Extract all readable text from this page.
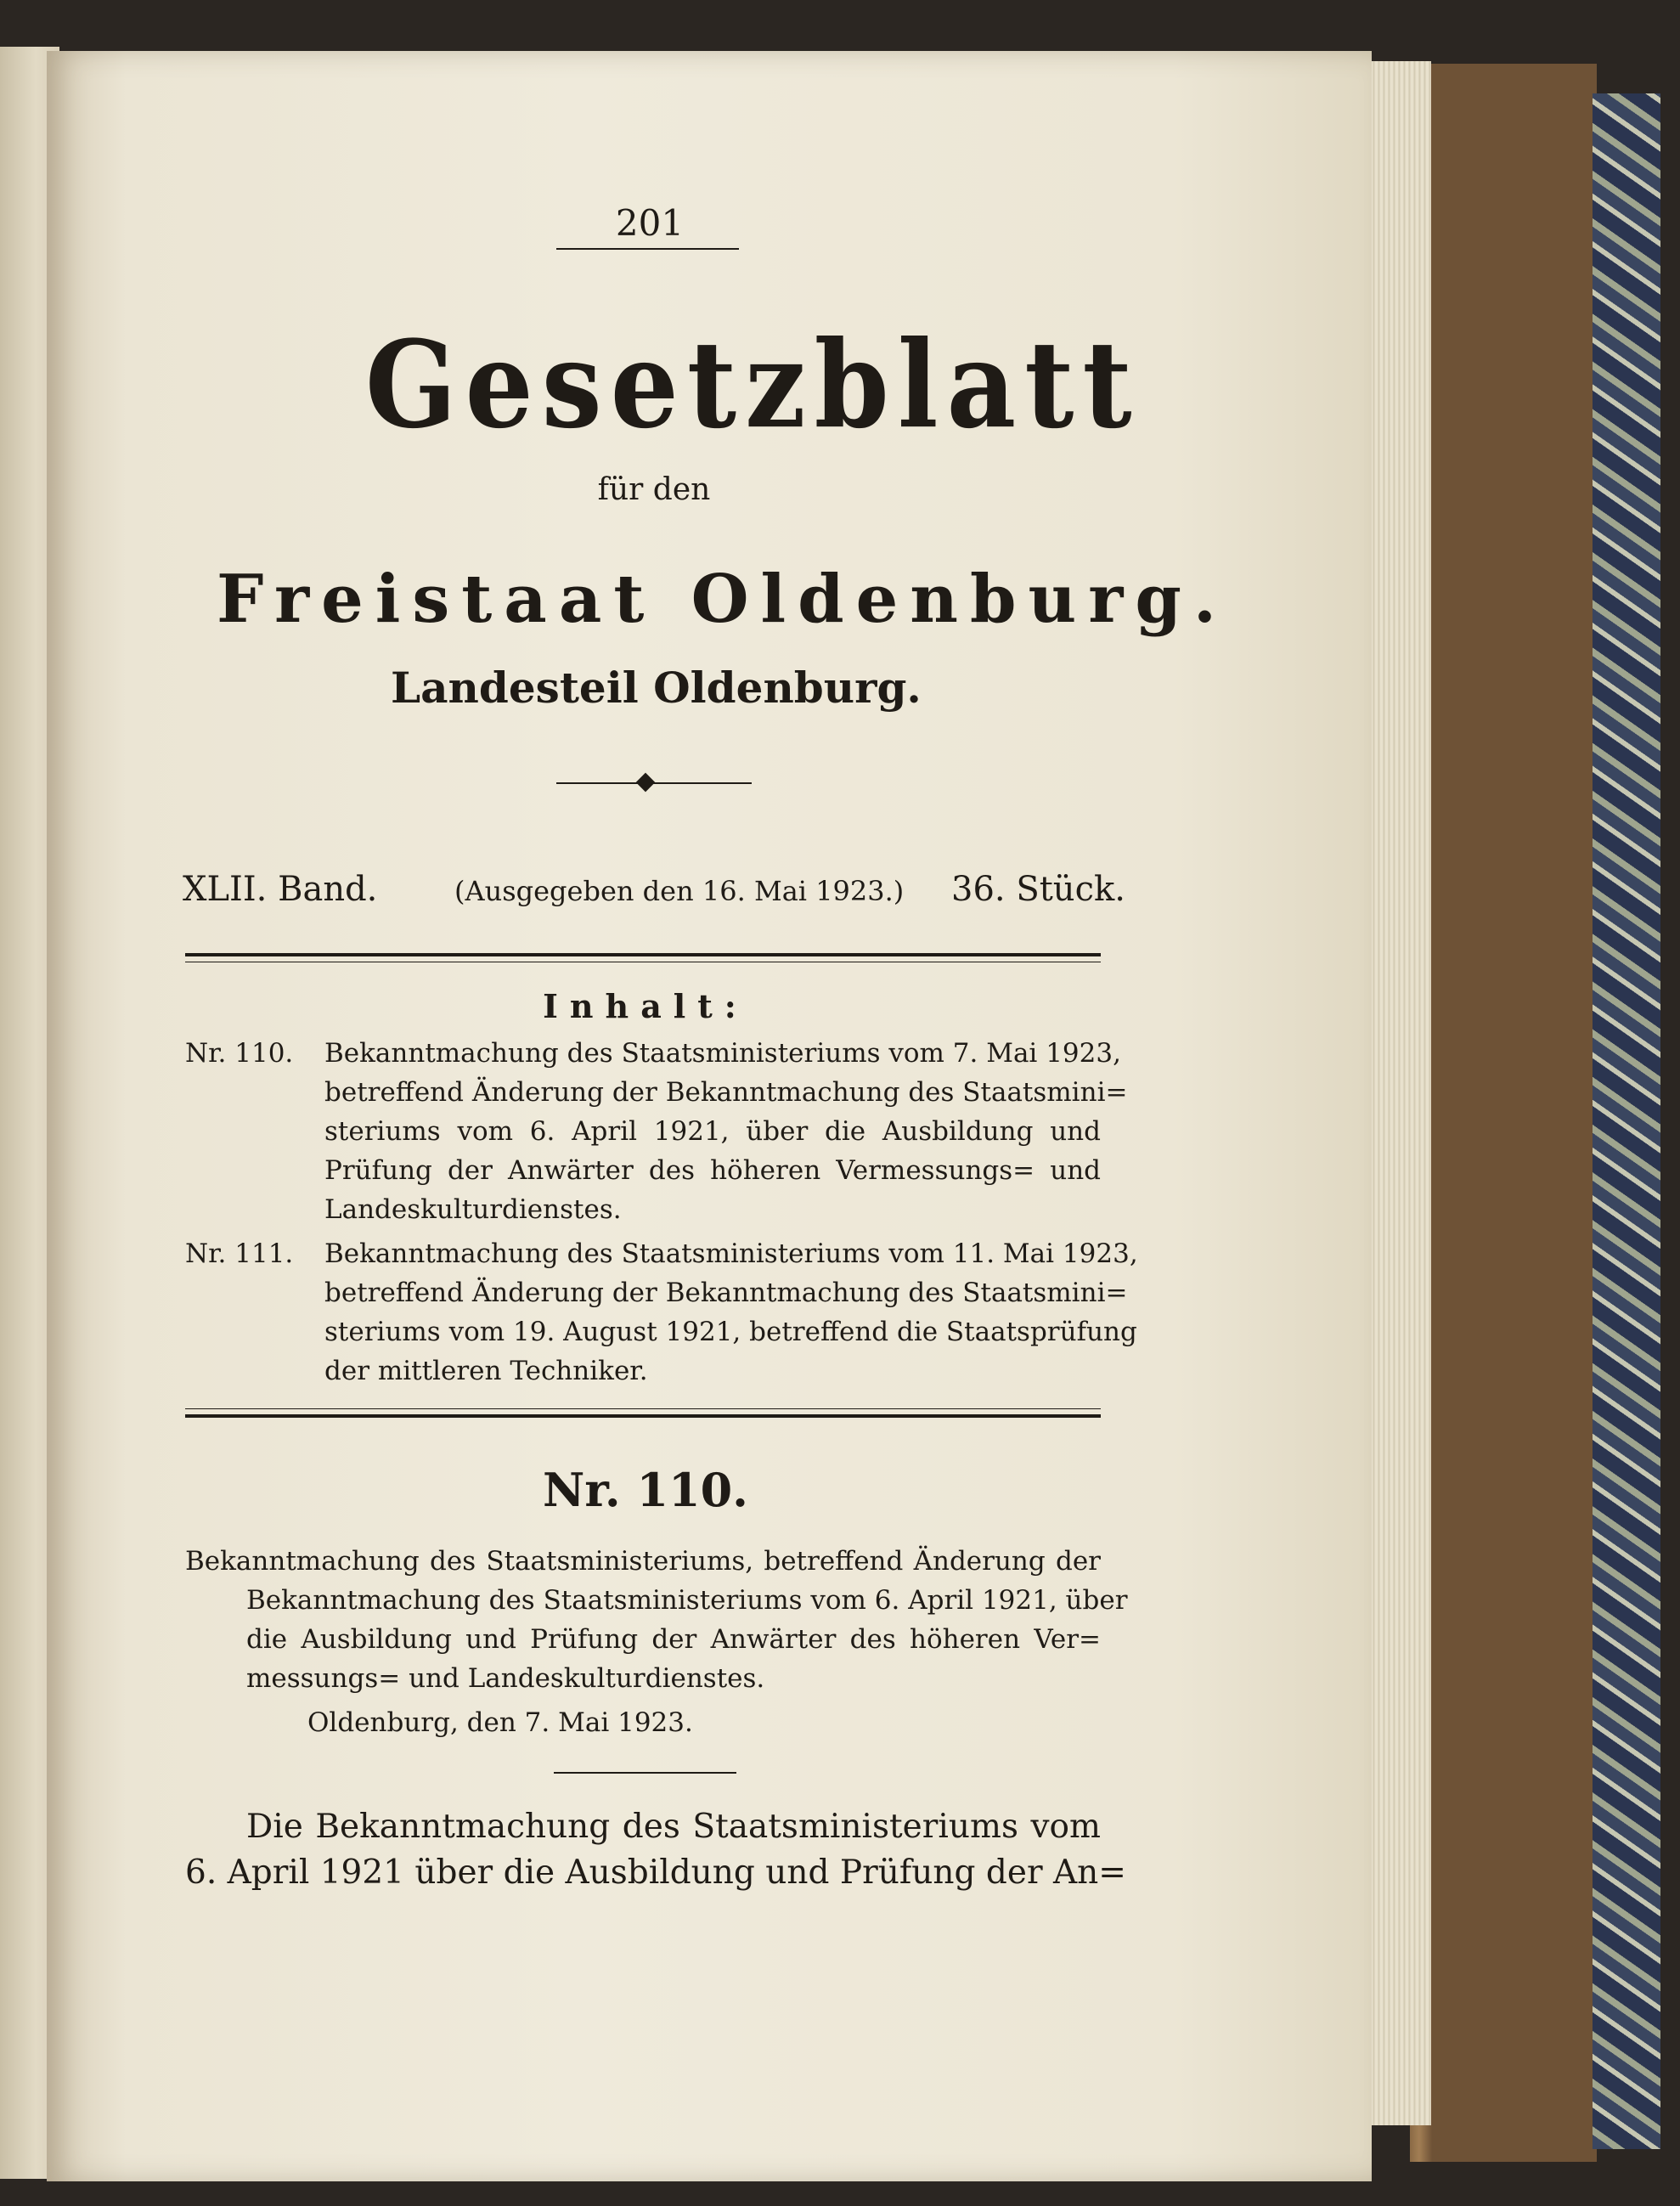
201
Gesetzblatt
für den
Freistaat Oldenburg.
Landesteil Oldenburg.
XLII. Band.	(Ausgegeben den 16. Mai 1923.) 36. Stück.
Inhalt:
Nr. 110. Bekanntmachung des Staatsministeriums vom 7. Mai 1923,
betreffend Änderung der Bekanntmachung des Staatsmini=
steriums vom 6. April 1921, über die Ausbildung und
Prüfung der Anwärter des höheren Vermessungs= und
Landeskulturdienstes.
Nr. 111. Bekanntmachung des Staatsministeriums vom 11. Mai 1923,
betreffend Änderung der Bekanntmachung des Staatsmini=
steriums vom 19. August 1921, betreffend die Staatsprüfung
der mittleren Techniker.
Nr. 110.
Bekanntmachung des Staatsministeriums, betreffend Änderung der
Bekanntmachung des Staatsministeriums vom 6. April 1921, über
die Ausbildung und Prüfung der Anwärter des höheren Ver=
messungs= und Landeskulturdienstes.
Oldenburg, den 7. Mai 1923.
Die Bekanntmachung des Staatsministeriums vom
6. April 1921 über die Ausbildung und Prüfung der An=
